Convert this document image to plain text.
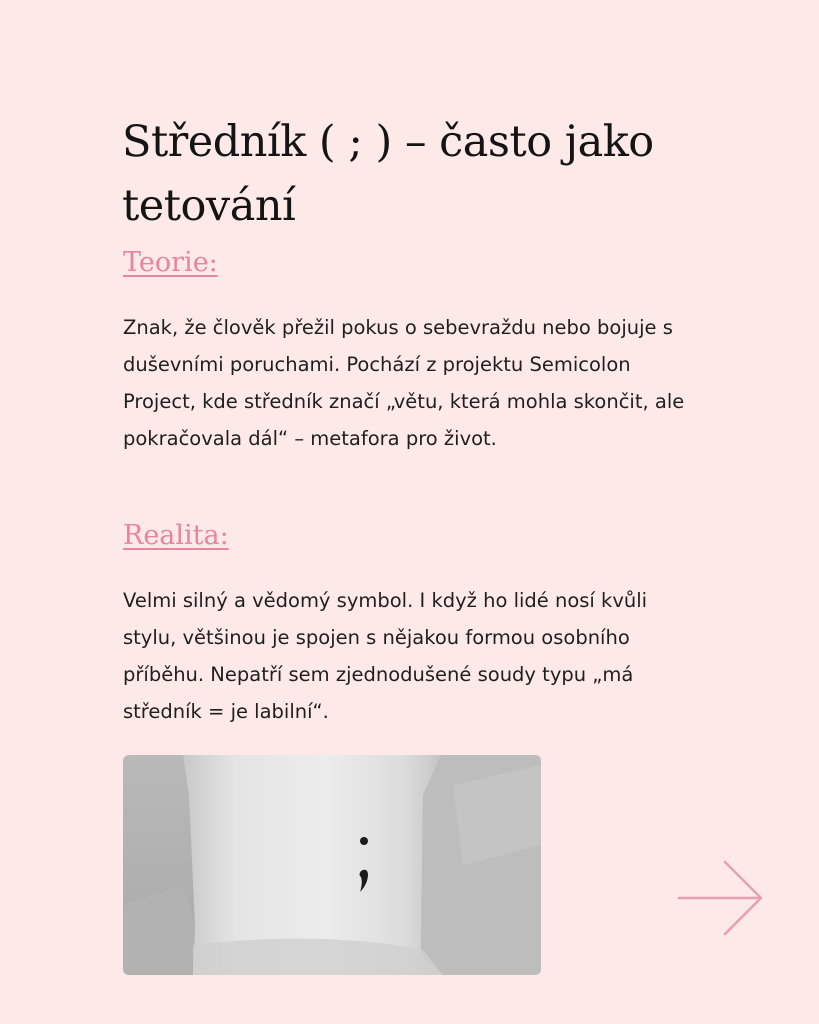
Středník ( ; ) – často jako tetování
Teorie:

Znak, že člověk přežil pokus o sebevraždu nebo bojuje s duševními poruchami. Pochází z projektu Semicolon Project, kde středník značí „větu, která mohla skončit, ale pokračovala dál“ – metafora pro život.

Realita:

Velmi silný a vědomý symbol. I když ho lidé nosí kvůli stylu, většinou je spojen s nějakou formou osobního příběhu. Nepatří sem zjednodušené soudy typu „má středník = je labilní“.
